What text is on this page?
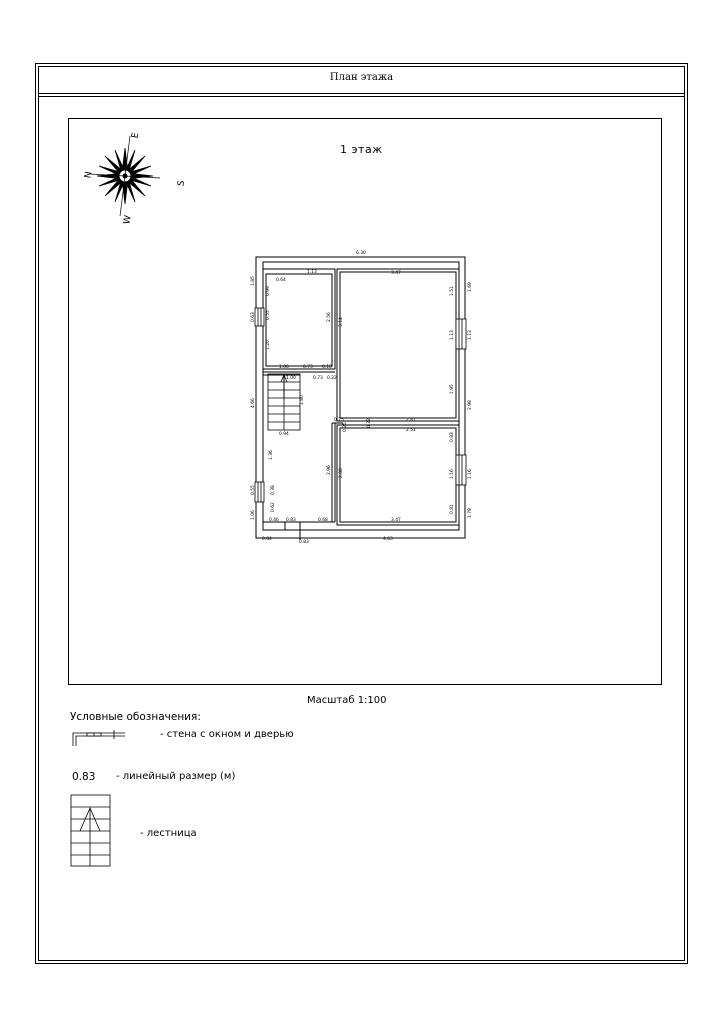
План этажа
1 этаж
Масштаб 1:100
Условные обозначения:
- стена с окном и дверью
0.83 - линейный размер (м)
- лестница
N
E
S
W
6.30
3.47
3.47
1.13
0.64
1.85
0.63
4.66
0.55
1.06
0.99
0.55
1.20
2.56
3.14
1.06	0.73 0.18
0.73 0.22
1.00
1.80
0.94
1.69
1.13
2.98
1.16
1.79
1.51
1.13
1.95
0.83
1.16
0.81
0.25	2.81
2.51
0.25	0.22
1.36
0.38
0.62
2.96 2.88
0.46 0.83	0.68
0.84
0.83
4.63
